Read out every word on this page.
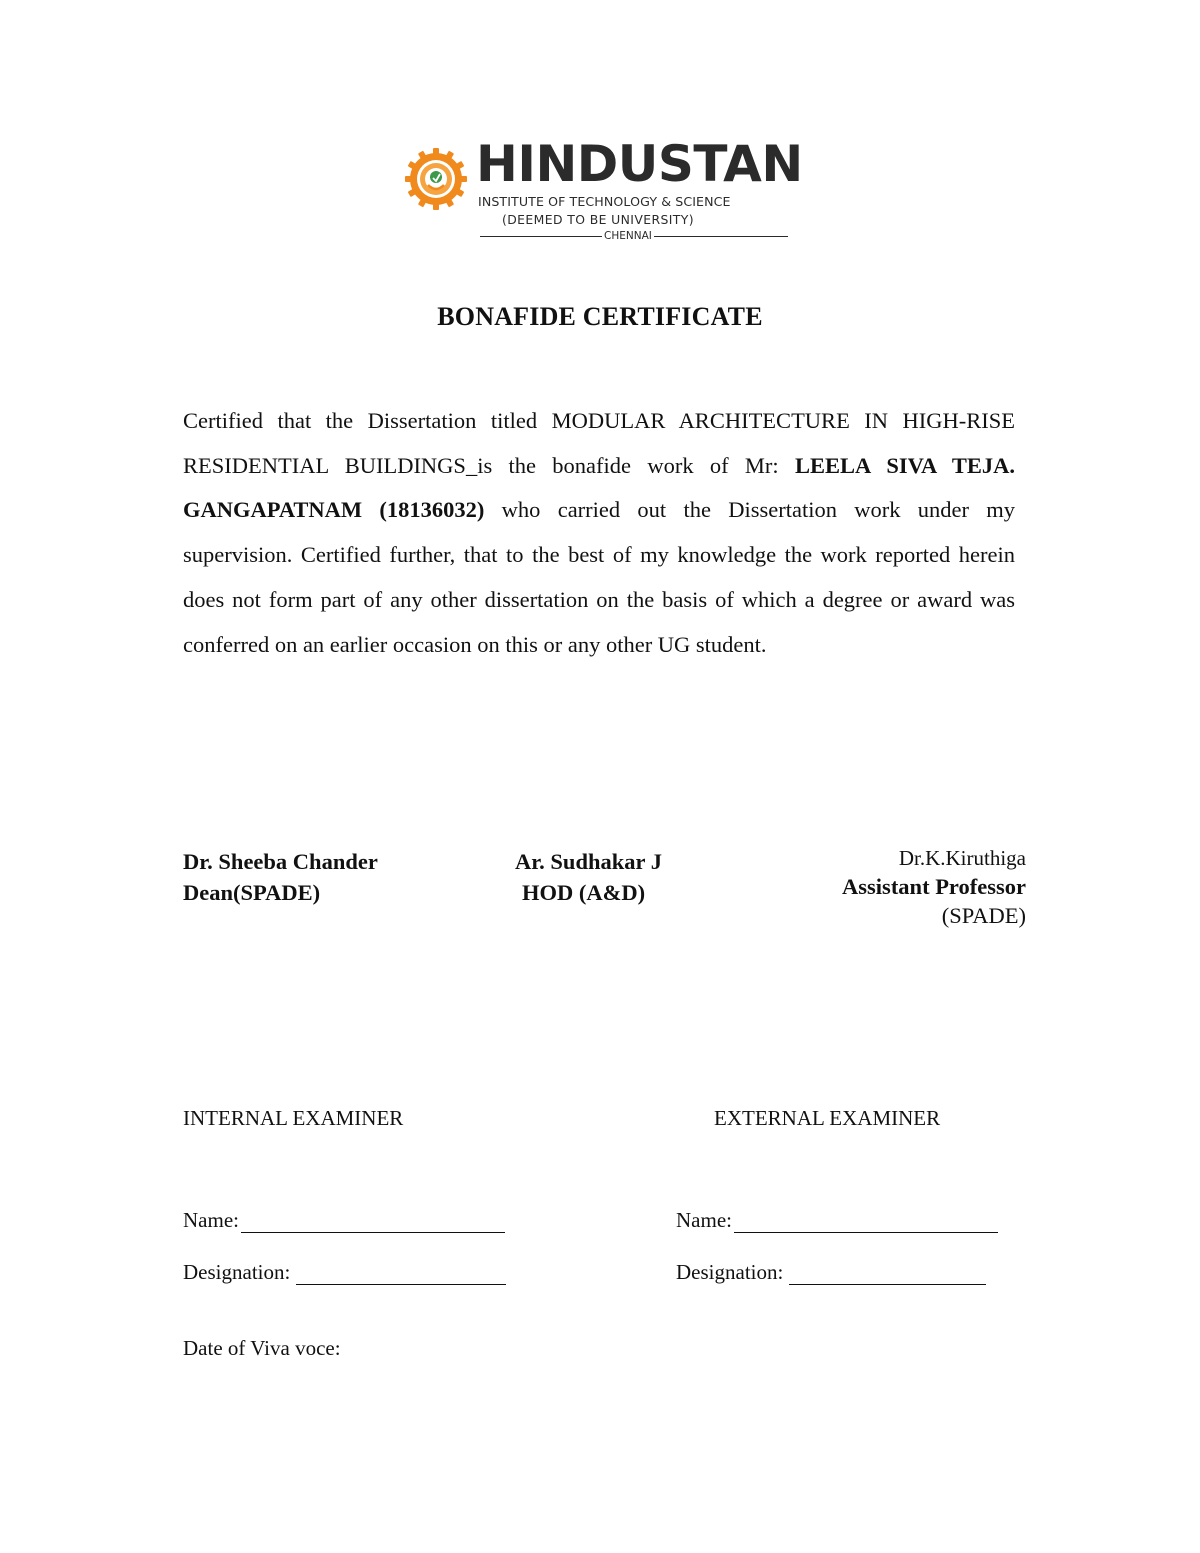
HINDUSTAN
INSTITUTE OF TECHNOLOGY & SCIENCE
(DEEMED TO BE UNIVERSITY)
CHENNAI
BONAFIDE CERTIFICATE

Certified that the Dissertation titled MODULAR ARCHITECTURE IN HIGH-RISE RESIDENTIAL BUILDINGS_is the bonafide work of Mr: LEELA SIVA TEJA. GANGAPATNAM (18136032) who carried out the Dissertation work under my supervision. Certified further, that to the best of my knowledge the work reported herein does not form part of any other dissertation on the basis of which a degree or award was conferred on an earlier occasion on this or any other UG student.

Dr. Sheeba Chander
Dean(SPADE)
Ar. Sudhakar J
HOD (A&D)
Dr.K.Kiruthiga
Assistant Professor
(SPADE)
INTERNAL EXAMINER	EXTERNAL EXAMINER
Name:	Name:
Designation:	Designation:
Date of Viva voce:
